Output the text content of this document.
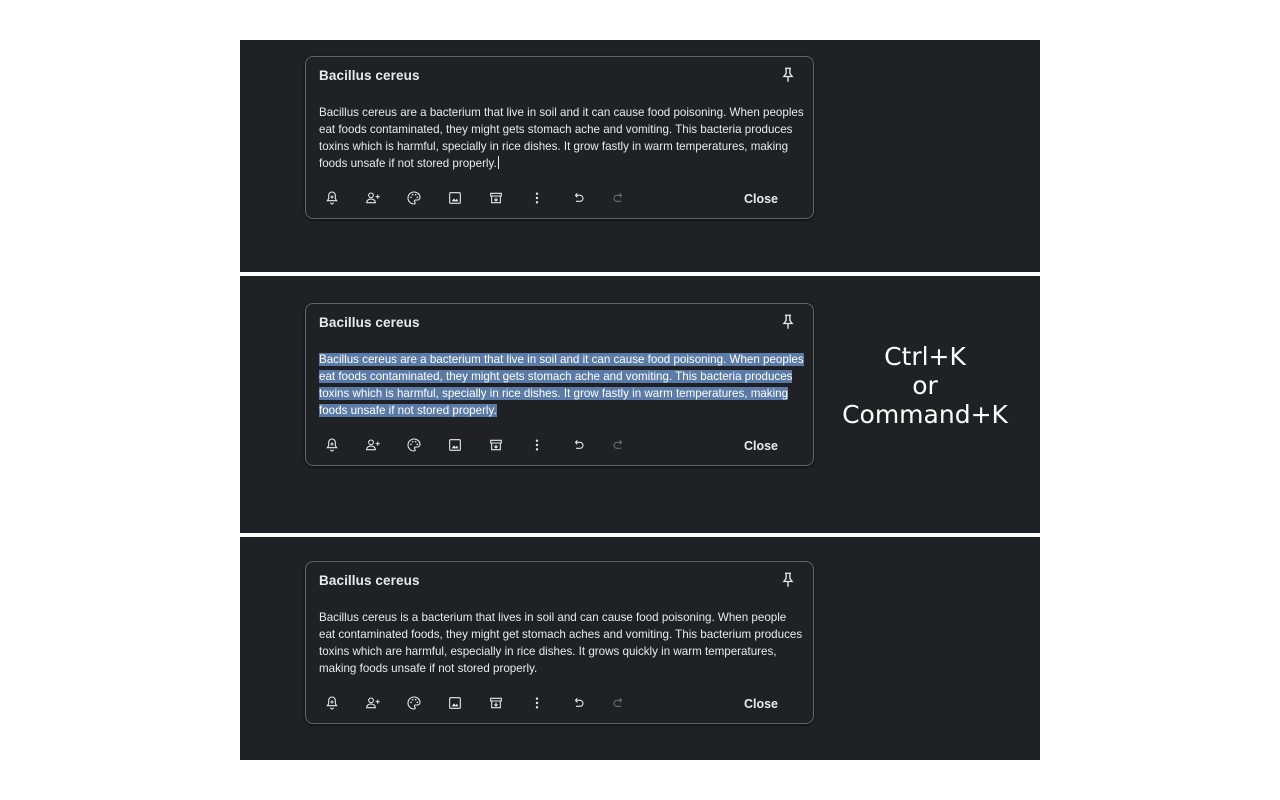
Bacillus cereus
Bacillus cereus are a bacterium that live in soil and it can cause food poisoning. When peoples eat foods contaminated, they might gets stomach ache and vomiting. This bacteria produces toxins which is harmful, specially in rice dishes. It grow fastly in warm temperatures, making foods unsafe if not stored properly.
Close
Bacillus cereus
Bacillus cereus are a bacterium that live in soil and it can cause food poisoning. When peoples eat foods contaminated, they might gets stomach ache and vomiting. This bacteria produces toxins which is harmful, specially in rice dishes. It grow fastly in warm temperatures, making foods unsafe if not stored properly.
Close
Ctrl+K
or
Command+K
Bacillus cereus
Bacillus cereus is a bacterium that lives in soil and can cause food poisoning. When people eat contaminated foods, they might get stomach aches and vomiting. This bacterium produces toxins which are harmful, especially in rice dishes. It grows quickly in warm temperatures, making foods unsafe if not stored properly.
Close
